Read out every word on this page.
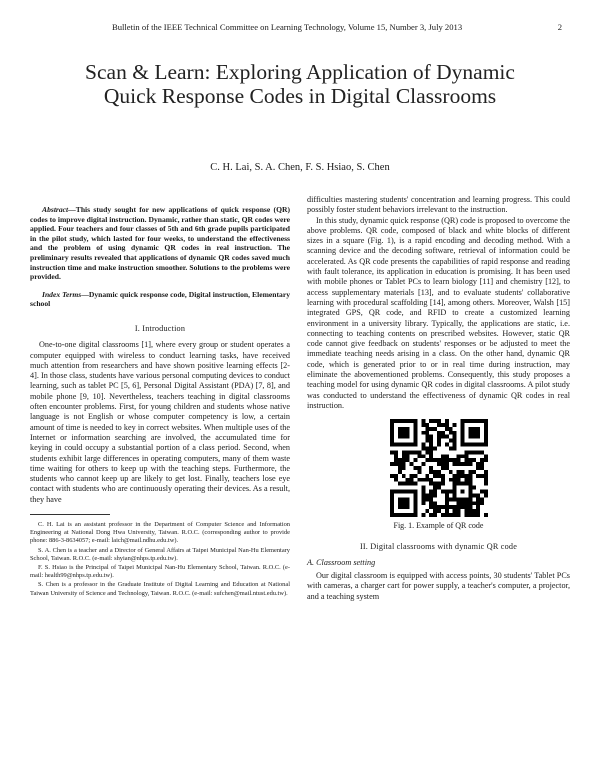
Bulletin of the IEEE Technical Committee on Learning Technology, Volume 15, Number 3, July 2013	2
Scan & Learn: Exploring Application of Dynamic Quick Response Codes in Digital Classrooms
C. H. Lai, S. A. Chen, F. S. Hsiao, S. Chen

Abstract—This study sought for new applications of quick response (QR) codes to improve digital instruction. Dynamic, rather than static, QR codes were applied. Four teachers and four classes of 5th and 6th grade pupils participated in the pilot study, which lasted for four weeks, to understand the effectiveness and the problem of using dynamic QR codes in real instruction. The preliminary results revealed that applications of dynamic QR codes saved much instruction time and make instruction smoother. Solutions to the problems were provided.

Index Terms—Dynamic quick response code, Digital instruction, Elementary school

I. Introduction

One-to-one digital classrooms [1], where every group or student operates a computer equipped with wireless to conduct learning tasks, have received much attention from researchers and have shown positive learning effects [2-4]. In those class, students have various personal computing devices to conduct learning, such as tablet PC [5, 6], Personal Digital Assistant (PDA) [7, 8], and mobile phone [9, 10]. Nevertheless, teachers teaching in digital classrooms often encounter problems. First, for young children and students whose native language is not English or whose computer competency is low, a certain amount of time is needed to key in correct websites. When multiple uses of the Internet or information searching are involved, the accumulated time for keying in could occupy a substantial portion of a class period. Second, when students exhibit large differences in operating computers, many of them waste time waiting for others to keep up with the teaching steps. Furthermore, the students who cannot keep up are likely to get lost. Finally, teachers lose eye contact with students who are continuously operating their devices. As a result, they have

C. H. Lai is an assistant professor in the Department of Computer Science and Information Engineering at National Dong Hwa University, Taiwan. R.O.C. (corresponding author to provide phone: 886-3-8634057; e-mail: laich@mail.ndhu.edu.tw).

S. A. Chen is a teacher and a Director of General Affairs at Taipei Municipal Nan-Hu Elementary School, Taiwan. R.O.C. (e-mail: shyian@nhps.tp.edu.tw).

F. S. Hsiao is the Principal of Taipei Municipal Nan-Hu Elementary School, Taiwan. R.O.C. (e-mail: health99@nhps.tp.edu.tw).

S. Chen is a professor in the Graduate Institute of Digital Learning and Education at National Taiwan University of Science and Technology, Taiwan. R.O.C. (e-mail: sufchen@mail.ntust.edu.tw).

difficulties mastering students' concentration and learning progress. This could possibly foster student behaviors irrelevant to the instruction.

In this study, dynamic quick response (QR) code is proposed to overcome the above problems. QR code, composed of black and white blocks of different sizes in a square (Fig. 1), is a rapid encoding and decoding method. With a scanning device and the decoding software, retrieval of information could be accelerated. As QR code presents the capabilities of rapid response and reading with fault tolerance, its application in education is promising. It has been used with mobile phones or Tablet PCs to learn biology [11] and chemistry [12], to access supplementary materials [13], and to evaluate students' collaborative learning with procedural scaffolding [14], among others. Moreover, Walsh [15] integrated GPS, QR code, and RFID to create a customized learning environment in a university library. Typically, the applications are static, i.e. connecting to teaching contents on prescribed websites. However, static QR code cannot give feedback on students' responses or be adjusted to meet the immediate teaching needs arising in a class. On the other hand, dynamic QR code, which is generated prior to or in real time during instruction, may eliminate the abovementioned problems. Consequently, this study proposes a teaching model for using dynamic QR codes in digital classrooms. A pilot study was conducted to understand the effectiveness of dynamic QR codes in real instruction.

Fig. 1. Example of QR code
II. Digital classrooms with dynamic QR code
A. Classroom setting

Our digital classroom is equipped with access points, 30 students' Tablet PCs with cameras, a charger cart for power supply, a teacher's computer, a projector, and a teaching system
